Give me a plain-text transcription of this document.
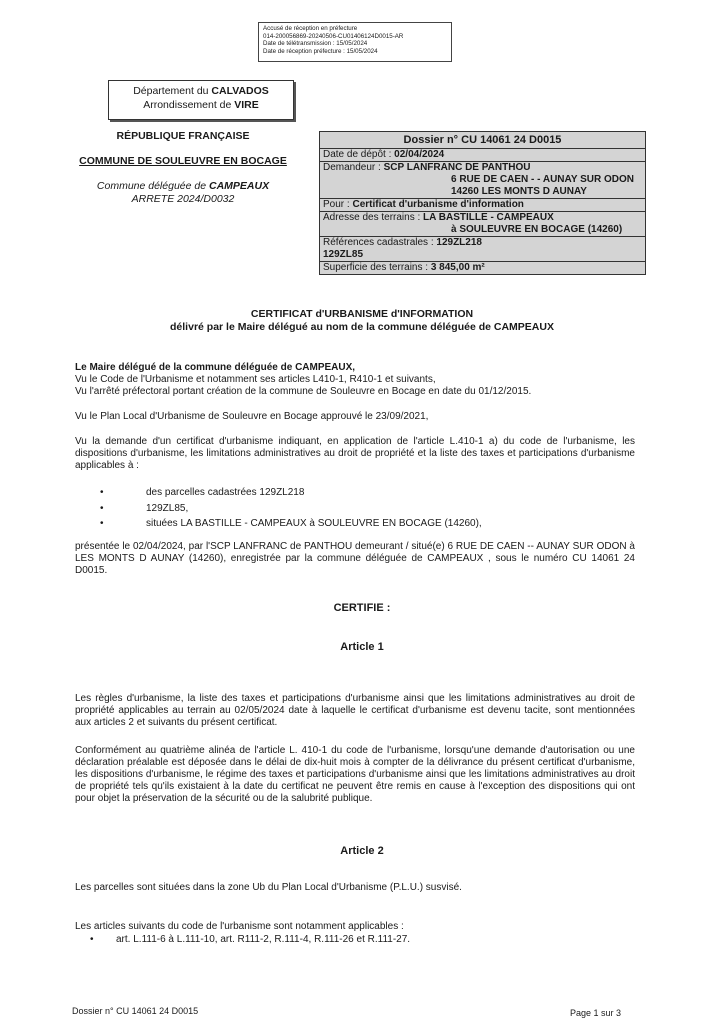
Accusé de réception en préfecture
014-200056869-20240506-CU01406124D0015-AR
Date de télétransmission : 15/05/2024
Date de réception préfecture : 15/05/2024
Département du CALVADOS
Arrondissement de VIRE
RÉPUBLIQUE FRANÇAISE
COMMUNE DE SOULEUVRE EN BOCAGE
Commune déléguée de CAMPEAUX
ARRETE 2024/D0032
Dossier n° CU 14061 24 D0015
Date de dépôt : 02/04/2024
Demandeur : SCP LANFRANC DE PANTHOU
6 RUE DE CAEN - - AUNAY SUR ODON
14260 LES MONTS D AUNAY
Pour : Certificat d'urbanisme d'information
Adresse des terrains : LA BASTILLE - CAMPEAUX
à SOULEUVRE EN BOCAGE (14260)
Références cadastrales : 129ZL218
129ZL85
Superficie des terrains : 3 845,00 m²
CERTIFICAT d'URBANISME d'INFORMATION
délivré par le Maire délégué au nom de la commune déléguée de CAMPEAUX
Le Maire délégué de la commune déléguée de CAMPEAUX,
Vu le Code de l'Urbanisme et notamment ses articles L410-1, R410-1 et suivants,
Vu l'arrêté préfectoral portant création de la commune de Souleuvre en Bocage en date du 01/12/2015.
Vu le Plan Local d'Urbanisme de Souleuvre en Bocage approuvé le 23/09/2021,
Vu la demande d'un certificat d'urbanisme indiquant, en application de l'article L.410-1 a) du code de l'urbanisme, les dispositions d'urbanisme, les limitations administratives au droit de propriété et la liste des taxes et participations d'urbanisme applicables à :
•	des parcelles cadastrées 129ZL218
•	129ZL85,
•	situées LA BASTILLE - CAMPEAUX à SOULEUVRE EN BOCAGE (14260),
présentée le 02/04/2024, par l'SCP LANFRANC de PANTHOU demeurant / situé(e) 6 RUE DE CAEN -- AUNAY SUR ODON à LES MONTS D AUNAY (14260), enregistrée par la commune déléguée de CAMPEAUX , sous le numéro CU 14061 24 D0015.
CERTIFIE :
Article 1
Les règles d'urbanisme, la liste des taxes et participations d'urbanisme ainsi que les limitations administratives au droit de propriété applicables au terrain au 02/05/2024 date à laquelle le certificat d'urbanisme est devenu tacite, sont mentionnées aux articles 2 et suivants du présent certificat.
Conformément au quatrième alinéa de l'article L. 410-1 du code de l'urbanisme, lorsqu'une demande d'autorisation ou une déclaration préalable est déposée dans le délai de dix-huit mois à compter de la délivrance du présent certificat d'urbanisme, les dispositions d'urbanisme, le régime des taxes et participations d'urbanisme ainsi que les limitations administratives au droit de propriété tels qu'ils existaient à la date du certificat ne peuvent être remis en cause à l'exception des dispositions qui ont pour objet la préservation de la sécurité ou de la salubrité publique.
Article 2
Les parcelles sont situées dans la zone Ub du Plan Local d'Urbanisme (P.L.U.) susvisé.
Les articles suivants du code de l'urbanisme sont notamment applicables :
• art. L.111-6 à L.111-10, art. R111-2, R.111-4, R.111-26 et R.111-27.
Dossier n° CU 14061 24 D0015	Page 1 sur 3
